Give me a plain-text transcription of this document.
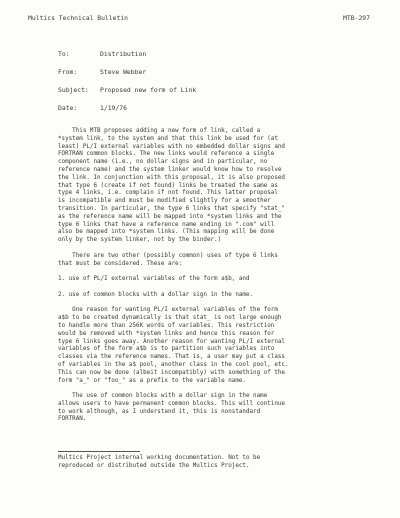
Multics Technical Bulletin	MTB-297
To:	Distribution
From:	Steve Webber
Subject: Proposed new form of Link
Date:	1/19/76

This MTB proposes adding a new form of link, called a

*system link, to the system and that this link be used for (at

least) PL/I external variables with no embedded dollar signs and

FORTRAN common blocks. The new links would reference a single

component name (i.e., no dollar signs and in particular, no

reference name) and the system linker would know how to resolve

the link. In conjunction with this proposal, it is also proposed

that type 6 (create if not found) links be treated the same as

type 4 links, i.e. complain if not found. This latter proposal

is incompatible and must be modified slightly for a smoother

transition. In particular, the type 6 links that specify "stat_"

as the reference name will be mapped into *system links and the

type 6 links that have a reference name ending in ".com" will

also be mapped into *system links. (This mapping will be done

only by the system linker, not by the binder.)

There are two other (possibly common) uses of type 6 links

that must be considered. These are:

1. use of PL/I external variables of the form a$b, and

2. use of common blocks with a dollar sign in the name.

One reason for wanting PL/I external variables of the form

a$b to be created dynamically is that stat_ is not large enough

to handle more than 256K words of variables. This restriction

would be removed with *system links and hence this reason for

type 6 links goes away. Another reason for wanting PL/I external

variables of the form a$b is to partition such variables into

classes via the reference names. That is, a user may put a class

of variables in the a$ pool, another class in the cool pool, etc.

This can now be done (albeit incompatibly) with something of the

form "a_" or "foo_" as a prefix to the variable name.

The use of common blocks with a dollar sign in the name

allows users to have permanent common blocks. This will continue

to work although, as I understand it, this is nonstandard

FORTRAN.

Multics Project internal working documentation. Not to be

reproduced or distributed outside the Multics Project.
